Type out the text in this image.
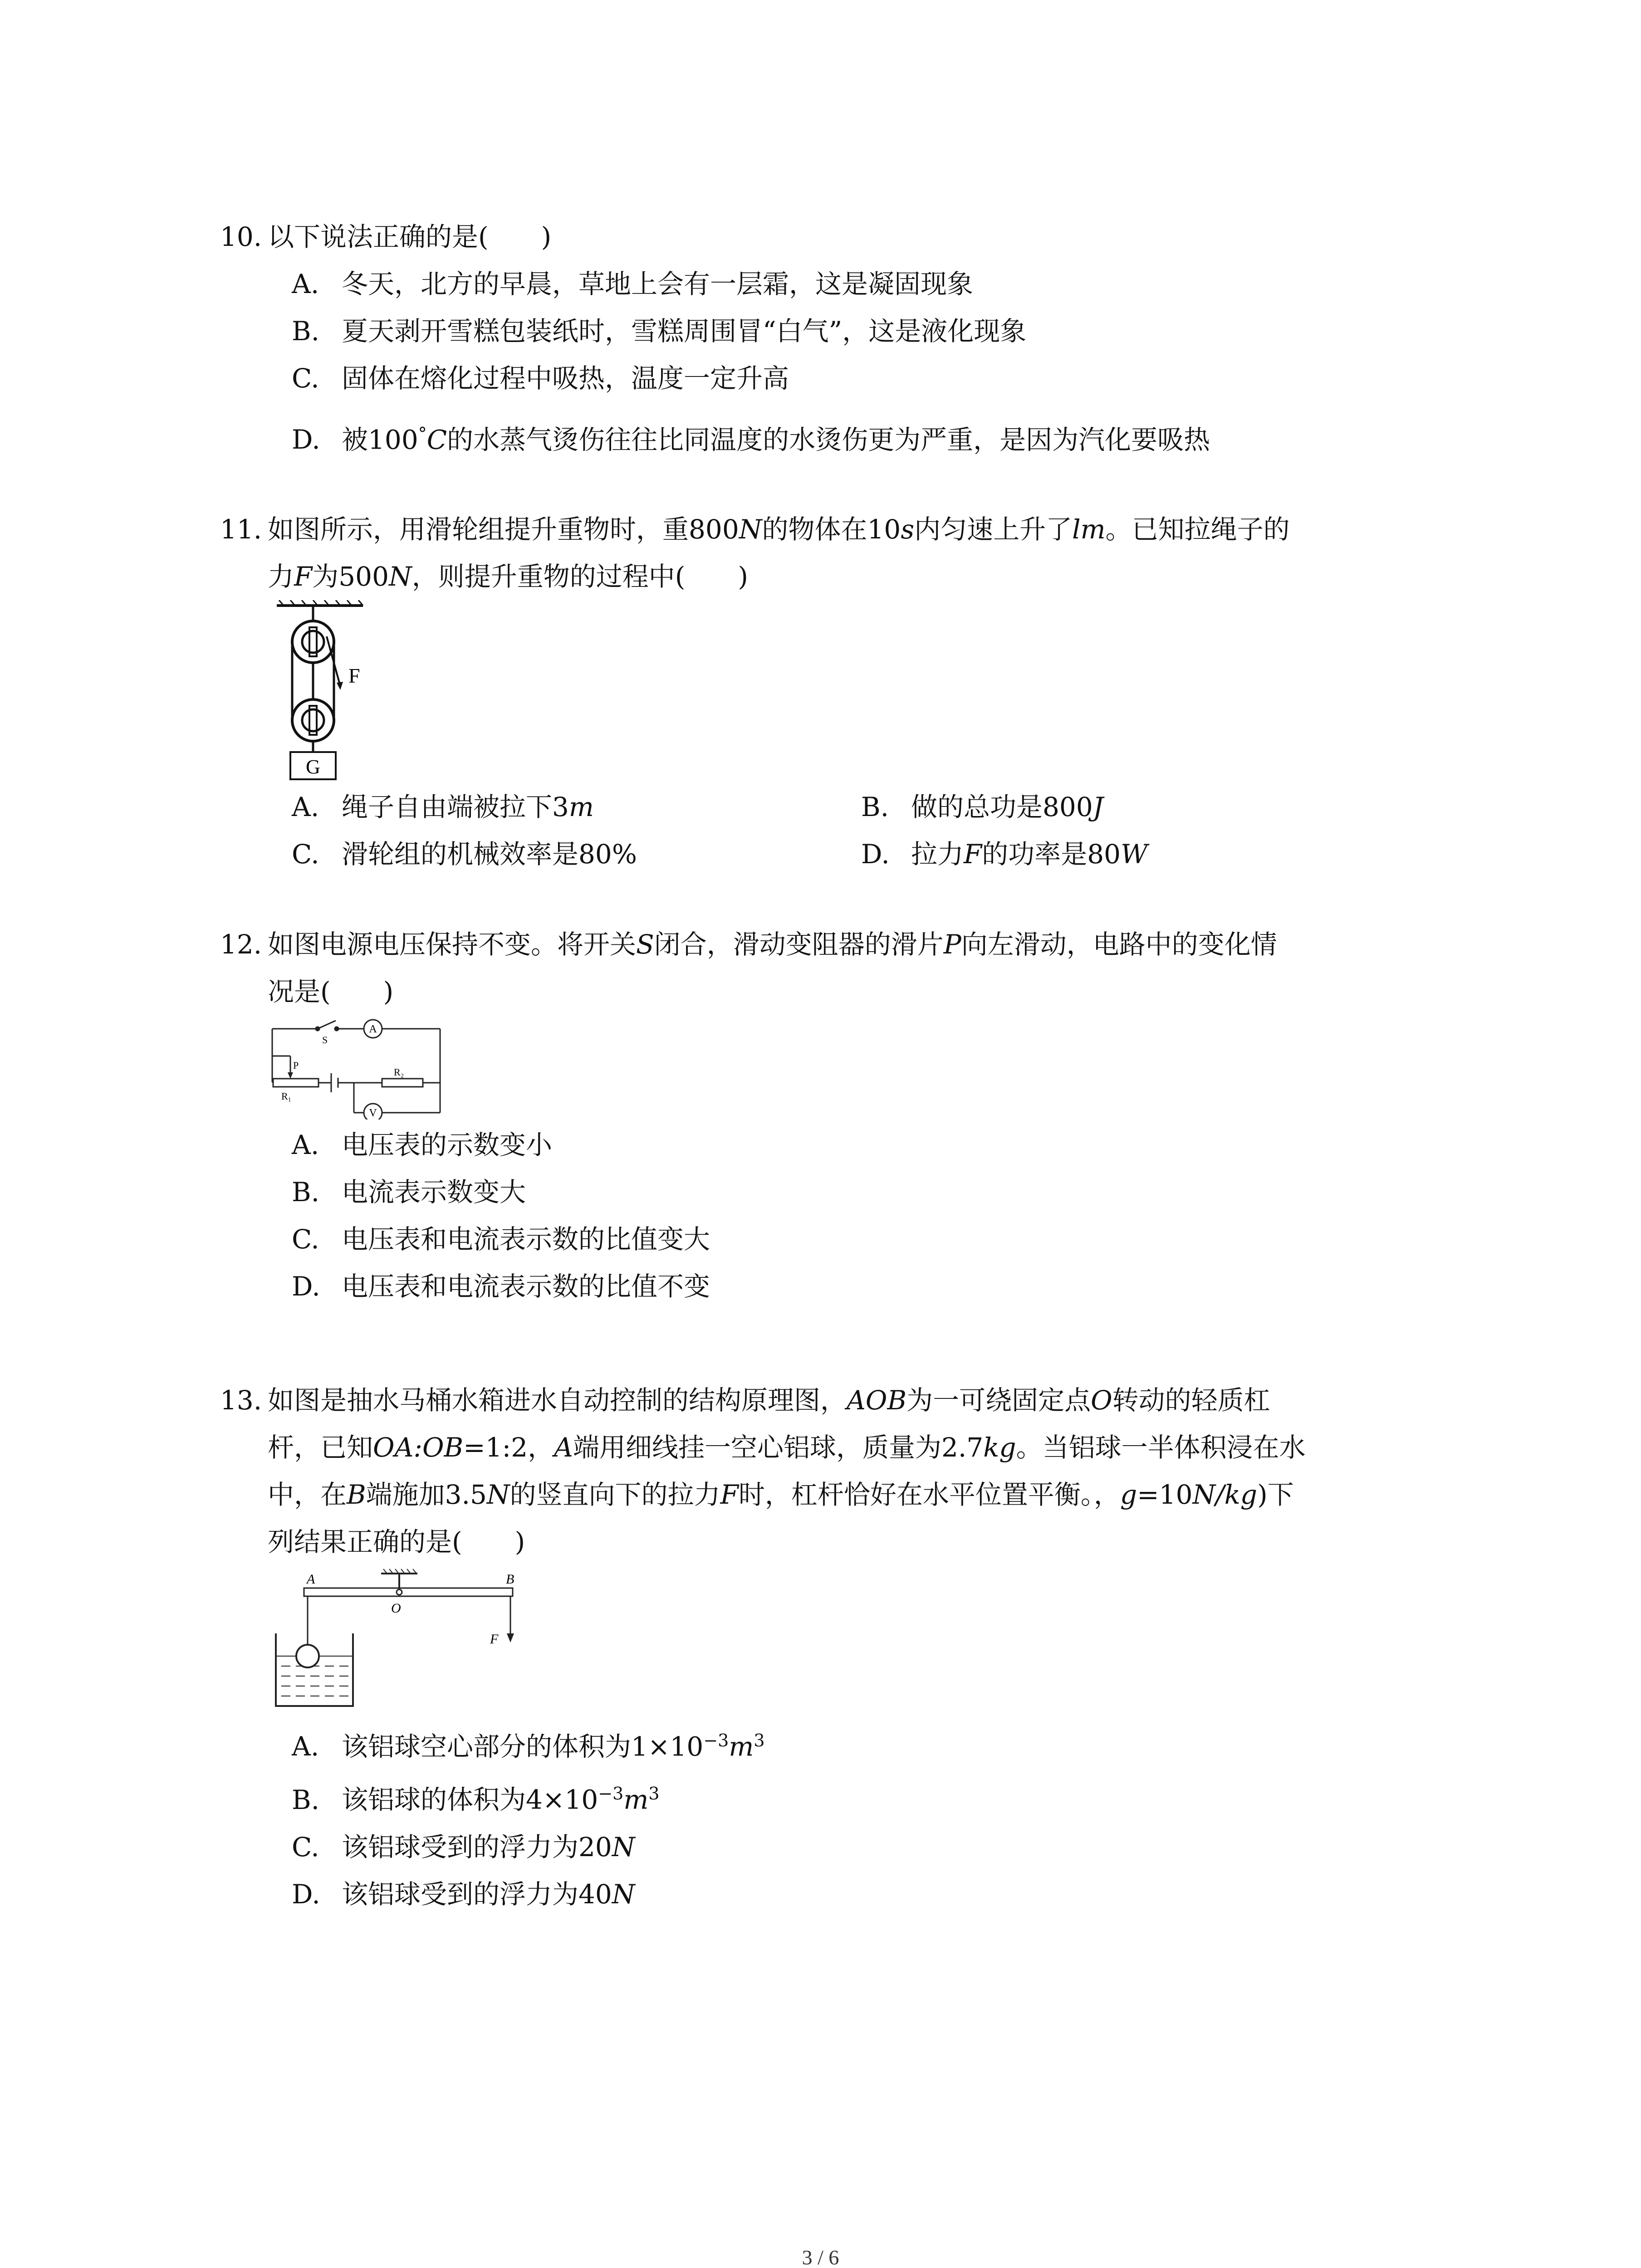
10. 以下说法正确的是(　　)
A. 冬天，北方的早晨，草地上会有一层霜，这是凝固现象
B. 夏天剥开雪糕包装纸时，雪糕周围冒“白气”，这是液化现象
C. 固体在熔化过程中吸热，温度一定升高
D. 被100°C的水蒸气烫伤往往比同温度的水烫伤更为严重，是因为汽化要吸热
11. 如图所示，用滑轮组提升重物时，重800N的物体在10s内匀速上升了lm。已知拉绳子的
力F为500N，则提升重物的过程中(　　)
F
G
A. 绳子自由端被拉下3m	B. 做的总功是800J
C. 滑轮组的机械效率是80%	D. 拉力F的功率是80W
12. 如图电源电压保持不变。将开关S闭合，滑动变阻器的滑片P向左滑动，电路中的变化情
况是(　　)
A
V
S
P
R₂
R₁
A. 电压表的示数变小
B. 电流表示数变大
C. 电压表和电流表示数的比值变大
D. 电压表和电流表示数的比值不变
13. 如图是抽水马桶水箱进水自动控制的结构原理图，AOB为一可绕固定点O转动的轻质杠
杆，已知OA:OB=1:2，A端用细线挂一空心铝球，质量为2.7kg。当铝球一半体积浸在水
中，在B端施加3.5N的竖直向下的拉力F时，杠杆恰好在水平位置平衡。，g=10N/kg)下
列结果正确的是(　　)
A
O
B
F
A. 该铝球空心部分的体积为$1\times 10^{-3}m^3$
B. 该铝球的体积为$4\times 10^{-3}m^3$
C. 该铝球受到的浮力为20N
D. 该铝球受到的浮力为40N
3 / 6
